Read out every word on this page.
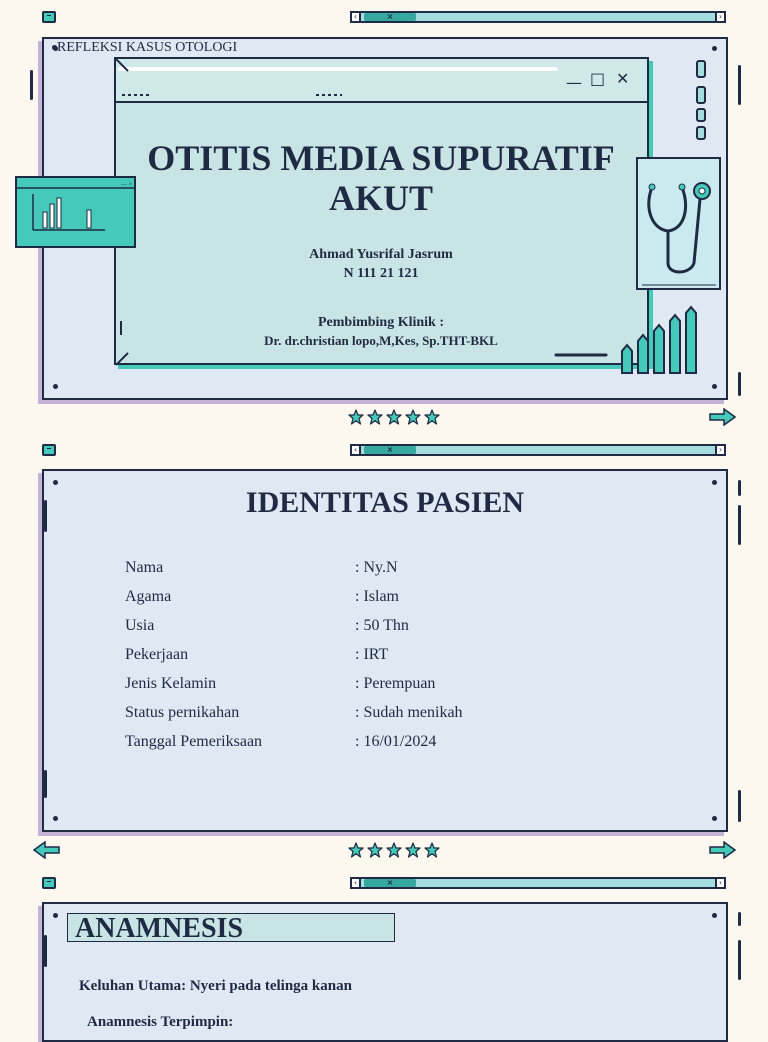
‹	×	›
REFLEKSI KASUS OTOLOGI
— □ ✕
OTITIS MEDIA SUPURATIF AKUT

Ahmad Yusrifal Jasrum

N 111 21 121

Pembimbing Klinik :

Dr. dr.christian lopo,M,Kes, Sp.THT-BKL

— ×
‹	×	›
IDENTITAS PASIEN
Nama	: Ny.N
Agama	: Islam
Usia	: 50 Thn
Pekerjaan	: IRT
Jenis Kelamin	: Perempuan
Status pernikahan	: Sudah menikah
Tanggal Pemeriksaan	: 16/01/2024
‹	×	›
ANAMNESIS
Keluhan Utama: Nyeri pada telinga kanan
Anamnesis Terpimpin:
